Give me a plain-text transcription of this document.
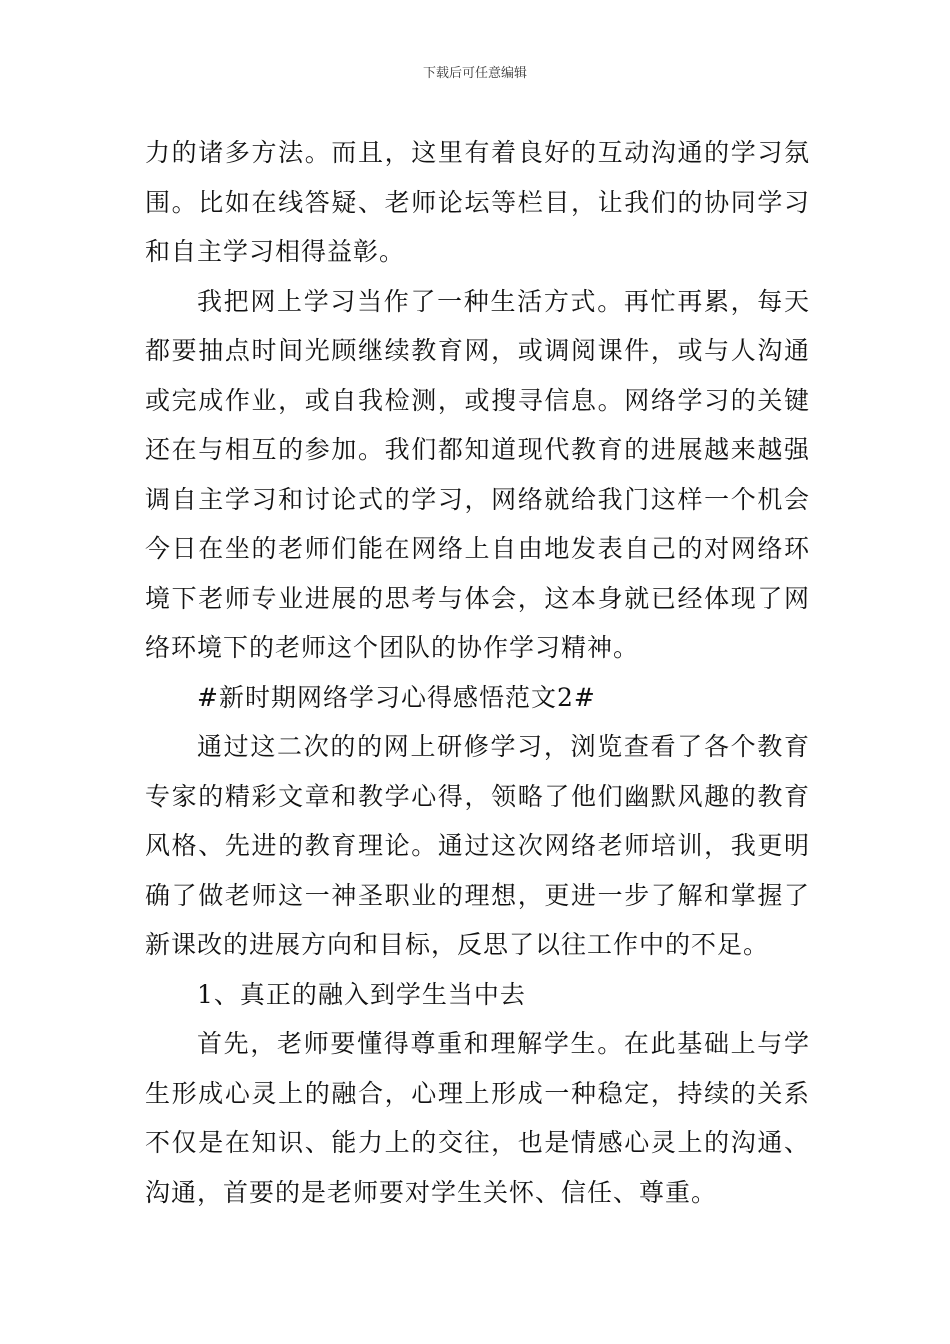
下载后可任意编辑

力的诸多方法。而且，这里有着良好的互动沟通的学习氛围。比如在线答疑、老师论坛等栏目，让我们的协同学习和自主学习相得益彰。

我把网上学习当作了一种生活方式。再忙再累，每天都要抽点时间光顾继续教育网，或调阅课件，或与人沟通或完成作业，或自我检测，或搜寻信息。网络学习的关键还在与相互的参加。我们都知道现代教育的进展越来越强调自主学习和讨论式的学习，网络就给我门这样一个机会今日在坐的老师们能在网络上自由地发表自己的对网络环境下老师专业进展的思考与体会，这本身就已经体现了网络环境下的老师这个团队的协作学习精神。

#新时期网络学习心得感悟范文2#

通过这二次的的网上研修学习，浏览查看了各个教育专家的精彩文章和教学心得，领略了他们幽默风趣的教育风格、先进的教育理论。通过这次网络老师培训，我更明确了做老师这一神圣职业的理想，更进一步了解和掌握了新课改的进展方向和目标，反思了以往工作中的不足。

1、真正的融入到学生当中去

首先，老师要懂得尊重和理解学生。在此基础上与学生形成心灵上的融合，心理上形成一种稳定，持续的关系不仅是在知识、能力上的交往，也是情感心灵上的沟通、沟通，首要的是老师要对学生关怀、信任、尊重。
